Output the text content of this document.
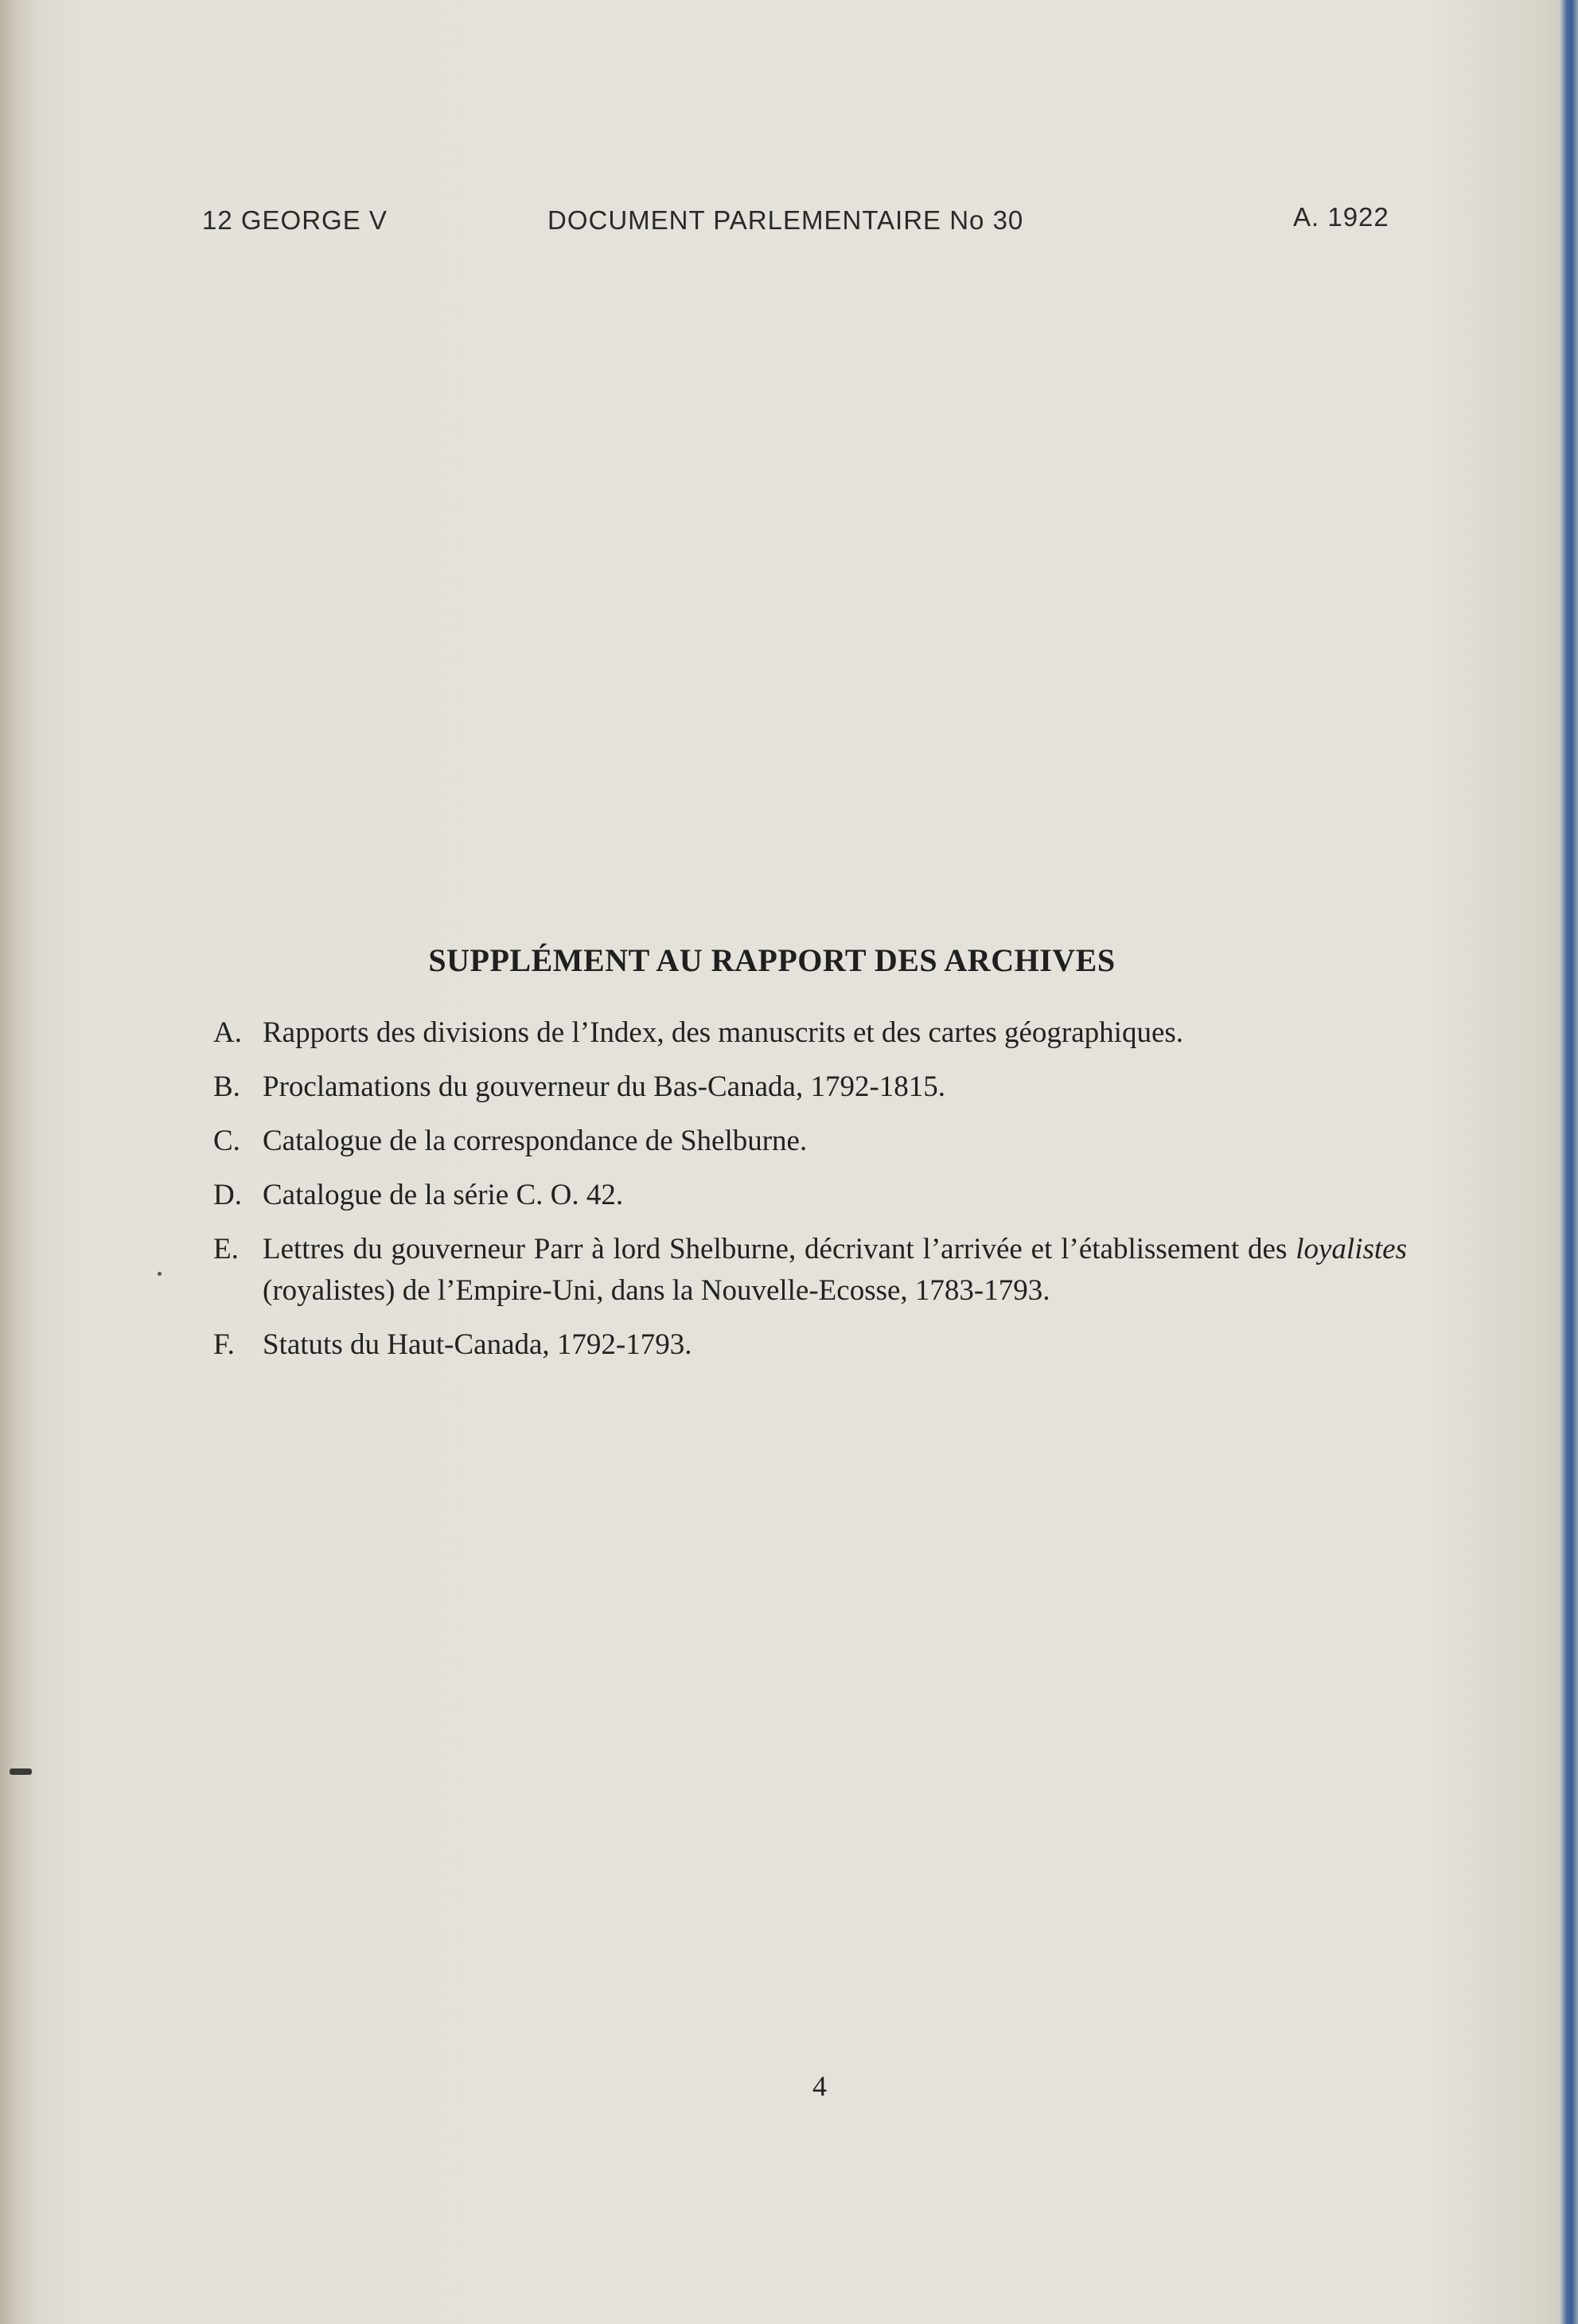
12 GEORGE V	DOCUMENT PARLEMENTAIRE No 30	A. 1922
SUPPLÉMENT AU RAPPORT DES ARCHIVES
A. Rapports des divisions de l’Index, des manuscrits et des cartes géographiques.
B. Proclamations du gouverneur du Bas-Canada, 1792-1815.
C. Catalogue de la correspondance de Shelburne.
D. Catalogue de la série C. O. 42.
E. Lettres du gouverneur Parr à lord Shelburne, décrivant l’arrivée et l’établissement des loyalistes (royalistes) de l’Empire-Uni, dans la Nouvelle-Ecosse, 1783-1793.
F. Statuts du Haut-Canada, 1792-1793.
4
